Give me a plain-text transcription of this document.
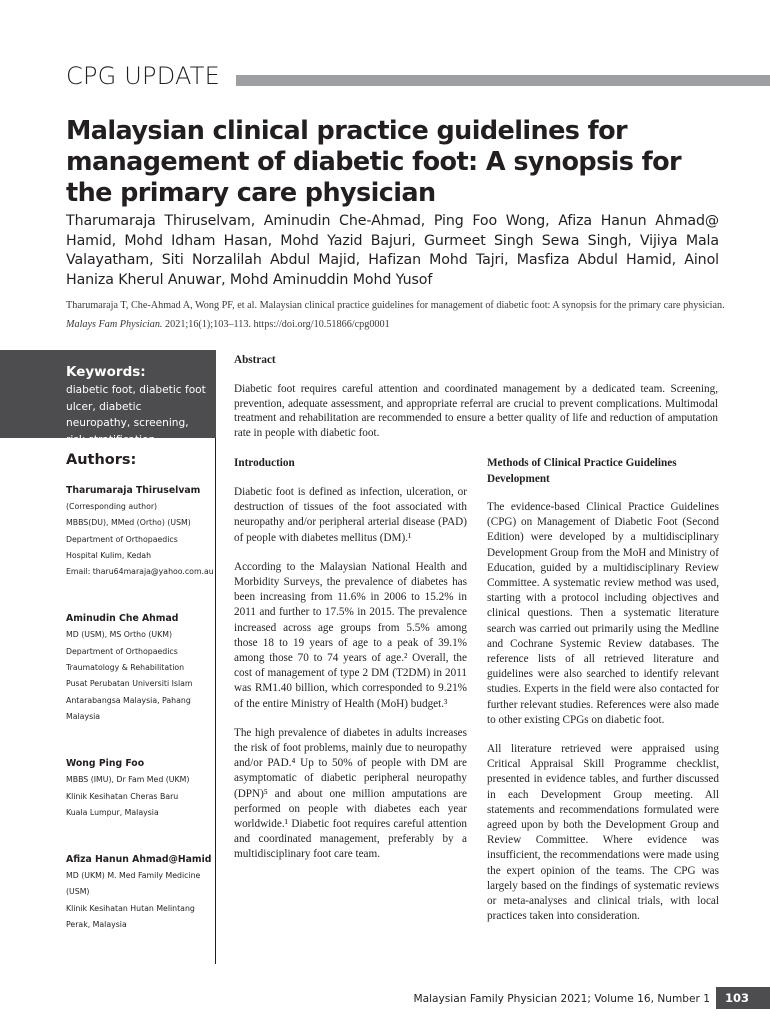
CPG UPDATE
Malaysian clinical practice guidelines for management of diabetic foot: A synopsis for the primary care physician
Tharumaraja Thiruselvam, Aminudin Che-Ahmad, Ping Foo Wong, Afiza Hanun Ahmad@ Hamid, Mohd Idham Hasan, Mohd Yazid Bajuri, Gurmeet Singh Sewa Singh, Vijiya Mala Valayatham, Siti Norzalilah Abdul Majid, Hafizan Mohd Tajri, Masfiza Abdul Hamid, Ainol Haniza Kherul Anuwar, Mohd Aminuddin Mohd Yusof
Tharumaraja T, Che-Ahmad A, Wong PF, et al. Malaysian clinical practice guidelines for management of diabetic foot: A synopsis for the primary care physician. Malays Fam Physician. 2021;16(1);103–113. https://doi.org/10.51866/cpg0001
Keywords:
diabetic foot, diabetic foot ulcer, diabetic neuropathy, screening, risk stratification
Authors:
Tharumaraja Thiruselvam
(Corresponding author)
MBBS(DU), MMed (Ortho) (USM)
Department of Orthopaedics
Hospital Kulim, Kedah
Email: tharu64maraja@yahoo.com.au
Aminudin Che Ahmad
MD (USM), MS Ortho (UKM)
Department of Orthopaedics
Traumatology & Rehabilitation
Pusat Perubatan Universiti Islam
Antarabangsa Malaysia, Pahang
Malaysia
Wong Ping Foo
MBBS (IMU), Dr Fam Med (UKM)
Klinik Kesihatan Cheras Baru
Kuala Lumpur, Malaysia
Afiza Hanun Ahmad@Hamid
MD (UKM) M. Med Family Medicine
(USM)
Klinik Kesihatan Hutan Melintang
Perak, Malaysia
Abstract

Diabetic foot requires careful attention and coordinated management by a dedicated team. Screening, prevention, adequate assessment, and appropriate referral are crucial to prevent complications. Multimodal treatment and rehabilitation are recommended to ensure a better quality of life and reduction of amputation rate in people with diabetic foot.

Introduction

Diabetic foot is defined as infection, ulceration, or destruction of tissues of the foot associated with neuropathy and/or peripheral arterial disease (PAD) of people with diabetes mellitus (DM).¹

According to the Malaysian National Health and Morbidity Surveys, the prevalence of diabetes has been increasing from 11.6% in 2006 to 15.2% in 2011 and further to 17.5% in 2015. The prevalence increased across age groups from 5.5% among those 18 to 19 years of age to a peak of 39.1% among those 70 to 74 years of age.² Overall, the cost of management of type 2 DM (T2DM) in 2011 was RM1.40 billion, which corresponded to 9.21% of the entire Ministry of Health (MoH) budget.³

The high prevalence of diabetes in adults increases the risk of foot problems, mainly due to neuropathy and/or PAD.⁴ Up to 50% of people with DM are asymptomatic of diabetic peripheral neuropathy (DPN)⁵ and about one million amputations are performed on people with diabetes each year worldwide.¹ Diabetic foot requires careful attention and coordinated management, preferably by a multidisciplinary foot care team.

Methods of Clinical Practice Guidelines Development

The evidence-based Clinical Practice Guidelines (CPG) on Management of Diabetic Foot (Second Edition) were developed by a multidisciplinary Development Group from the MoH and Ministry of Education, guided by a multidisciplinary Review Committee. A systematic review method was used, starting with a protocol including objectives and clinical questions. Then a systematic literature search was carried out primarily using the Medline and Cochrane Systemic Review databases. The reference lists of all retrieved literature and guidelines were also searched to identify relevant studies. Experts in the field were also contacted for further relevant studies. References were also made to other existing CPGs on diabetic foot.

All literature retrieved were appraised using Critical Appraisal Skill Programme checklist, presented in evidence tables, and further discussed in each Development Group meeting. All statements and recommendations formulated were agreed upon by both the Development Group and Review Committee. Where evidence was insufficient, the recommendations were made using the expert opinion of the teams. The CPG was largely based on the findings of systematic reviews or meta-analyses and clinical trials, with local practices taken into consideration.

Malaysian Family Physician 2021; Volume 16, Number 1	103
